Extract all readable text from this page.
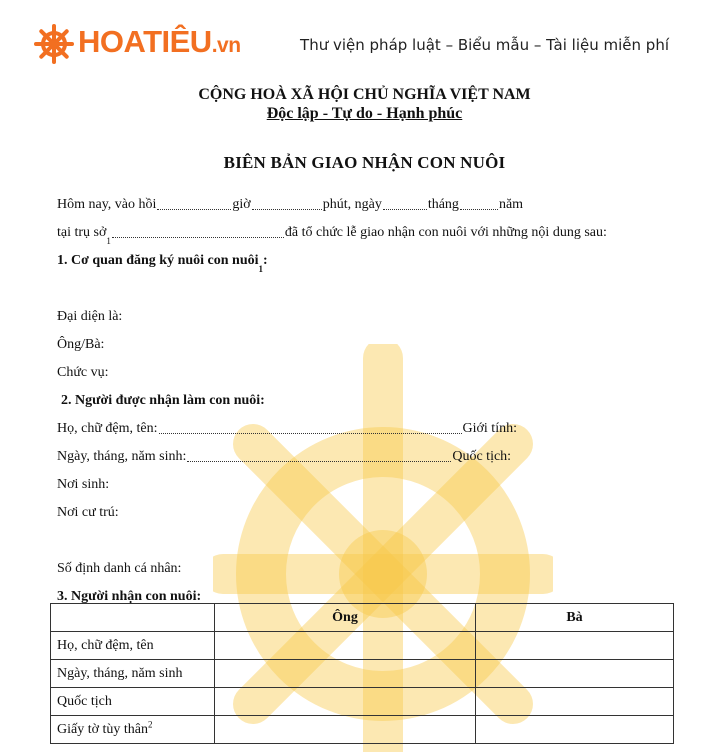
HOATIÊU.vn	Thư viện pháp luật – Biểu mẫu – Tài liệu miễn phí
CỘNG HOÀ XÃ HỘI CHỦ NGHĨA VIỆT NAM
Độc lập - Tự do - Hạnh phúc
BIÊN BẢN GIAO NHẬN CON NUÔI
Hôm nay, vào hồi	giờ	phút, ngày	tháng	năm
tại trụ sở
1
đã tổ chức lễ giao nhận con nuôi với những nội dung sau:
1. Cơ quan đăng ký nuôi con nuôi
1
:
Đại diện là:
Ông/Bà:
Chức vụ:
2. Người được nhận làm con nuôi:
Họ, chữ đệm, tên:	Giới tính:
Ngày, tháng, năm sinh:	Quốc tịch:
Nơi sinh:
Nơi cư trú:
Số định danh cá nhân:
3. Người nhận con nuôi:
	Ông	Bà
Họ, chữ đệm, tên		
Ngày, tháng, năm sinh		
Quốc tịch		
Giấy tờ tùy thân$^2$		
